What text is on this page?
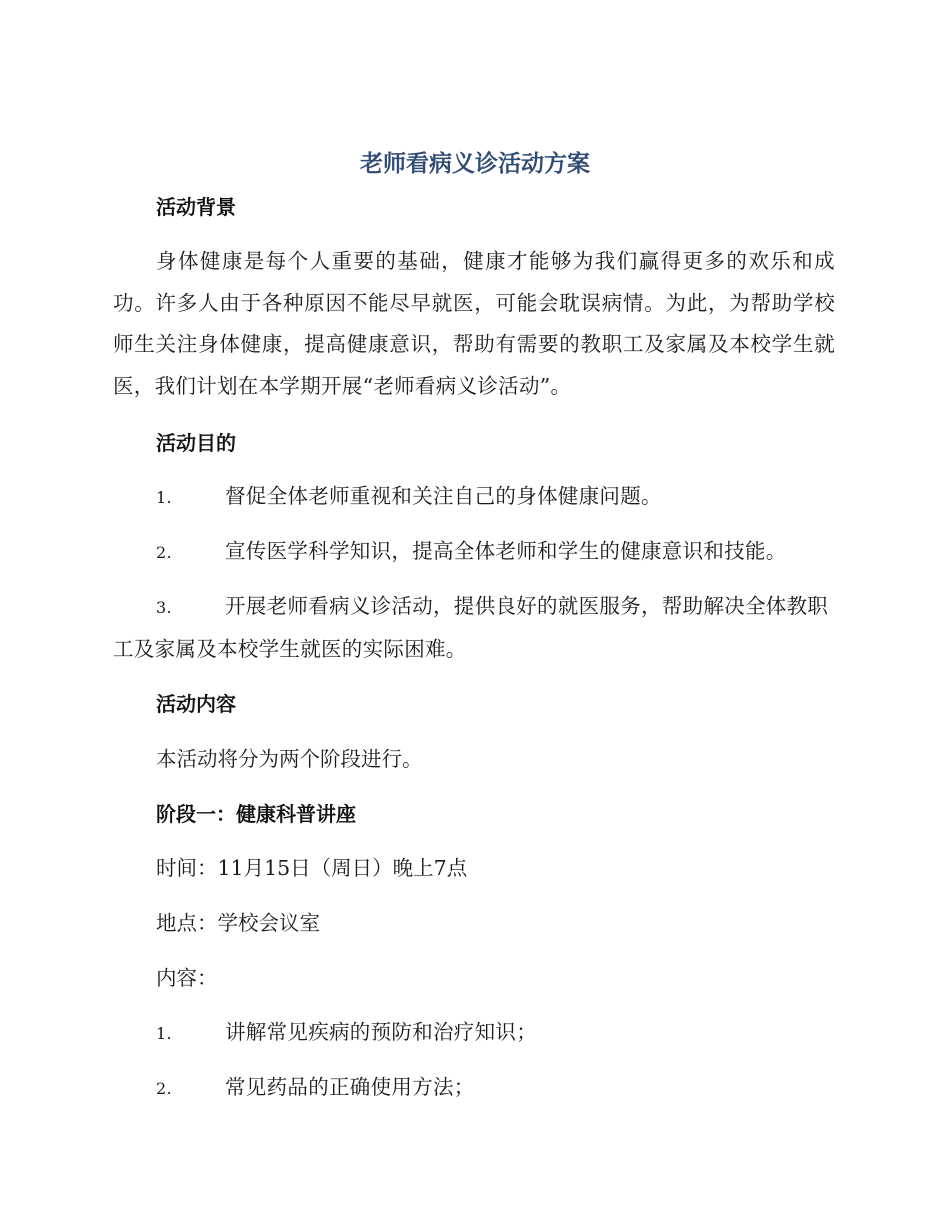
老师看病义诊活动方案
活动背景
身体健康是每个人重要的基础，健康才能够为我们赢得更多的欢乐和成功。许多人由于各种原因不能尽早就医，可能会耽误病情。为此，为帮助学校师生关注身体健康，提高健康意识，帮助有需要的教职工及家属及本校学生就医，我们计划在本学期开展“老师看病义诊活动”。
活动目的
1.	督促全体老师重视和关注自己的身体健康问题。
2.	宣传医学科学知识，提高全体老师和学生的健康意识和技能。
3.	开展老师看病义诊活动，提供良好的就医服务，帮助解决全体教职工及家属及本校学生就医的实际困难。
活动内容
本活动将分为两个阶段进行。
阶段一：健康科普讲座
时间：11月15日（周日）晚上7点
地点：学校会议室
内容：
1.	讲解常见疾病的预防和治疗知识；
2.	常见药品的正确使用方法；
